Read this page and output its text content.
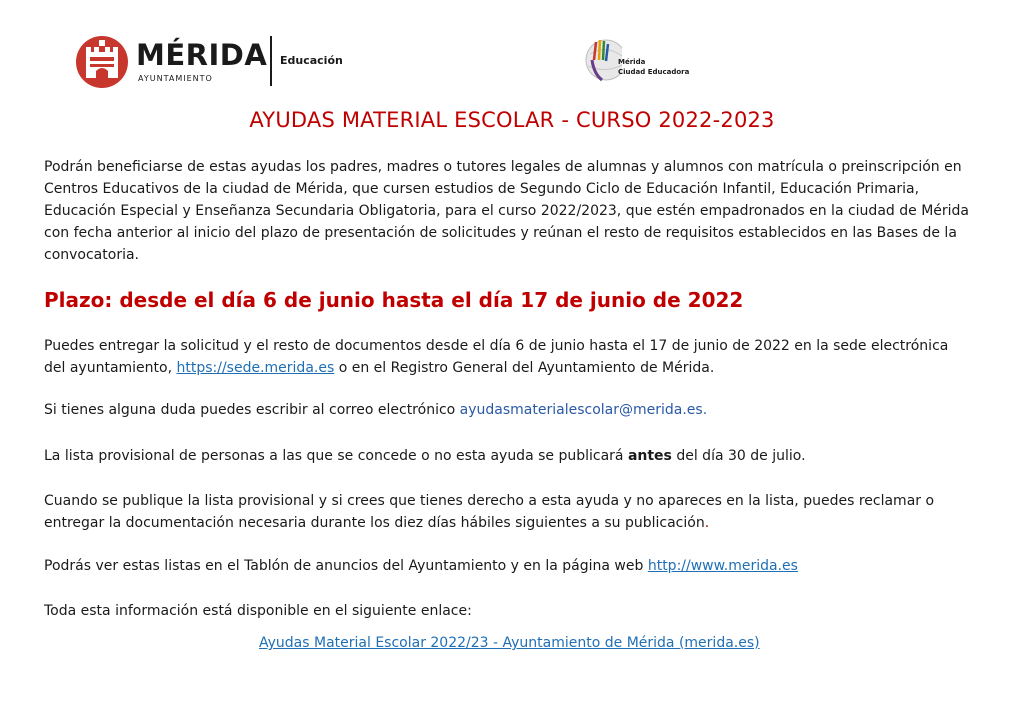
MÉRIDA
AYUNTAMIENTO
Educación	Mérida
Ciudad Educadora
AYUDAS MATERIAL ESCOLAR - CURSO 2022-2023

Podrán beneficiarse de estas ayudas los padres, madres o tutores legales de alumnas y alumnos con matrícula o preinscripción en Centros Educativos de la ciudad de Mérida, que cursen estudios de Segundo Ciclo de Educación Infantil, Educación Primaria, Educación Especial y Enseñanza Secundaria Obligatoria, para el curso 2022/2023, que estén empadronados en la ciudad de Mérida con fecha anterior al inicio del plazo de presentación de solicitudes y reúnan el resto de requisitos establecidos en las Bases de la convocatoria.

Plazo: desde el día 6 de junio hasta el día 17 de junio de 2022

Puedes entregar la solicitud y el resto de documentos desde el día 6 de junio hasta el 17 de junio de 2022 en la sede electrónica del ayuntamiento, https://sede.merida.es o en el Registro General del Ayuntamiento de Mérida.

Si tienes alguna duda puedes escribir al correo electrónico ayudasmaterialescolar@merida.es.

La lista provisional de personas a las que se concede o no esta ayuda se publicará antes del día 30 de julio.

Cuando se publique la lista provisional y si crees que tienes derecho a esta ayuda y no apareces en la lista, puedes reclamar o entregar la documentación necesaria durante los diez días hábiles siguientes a su publicación.

Podrás ver estas listas en el Tablón de anuncios del Ayuntamiento y en la página web http://www.merida.es

Toda esta información está disponible en el siguiente enlace:

Ayudas Material Escolar 2022/23 - Ayuntamiento de Mérida (merida.es)
